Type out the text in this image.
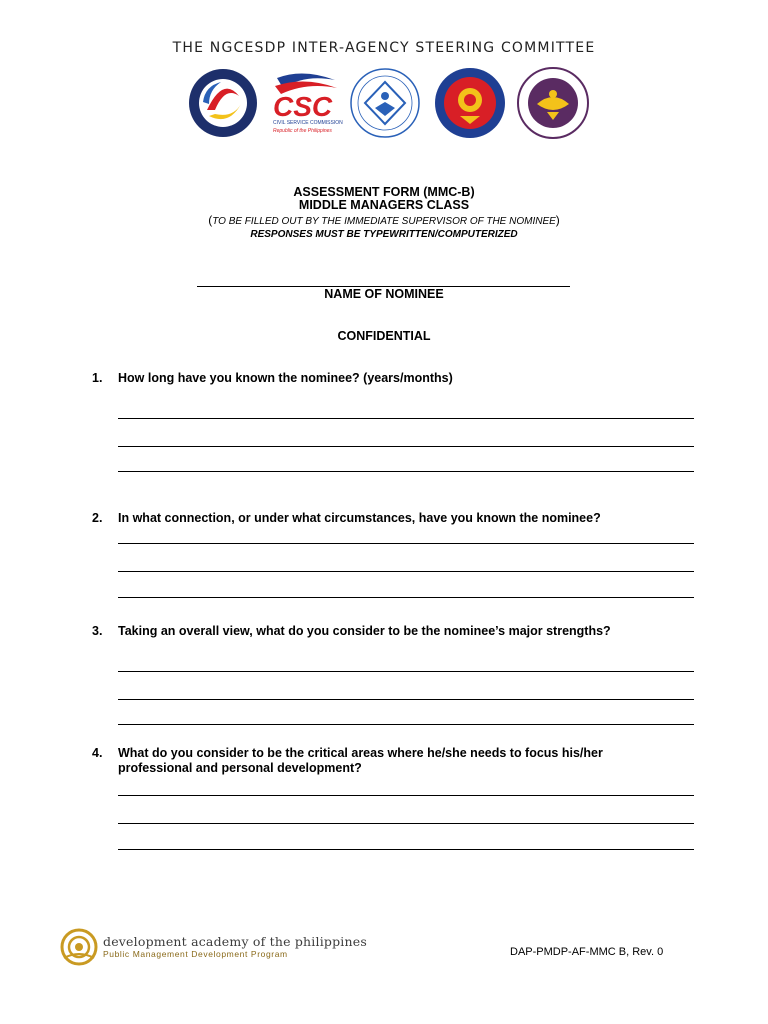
THE NGCESDP INTER-AGENCY STEERING COMMITTEE
CSC
CIVIL SERVICE COMMISSION
Republic of the Philippines
ASSESSMENT FORM (MMC-B)
MIDDLE MANAGERS CLASS
(TO BE FILLED OUT BY THE IMMEDIATE SUPERVISOR OF THE NOMINEE)
RESPONSES MUST BE TYPEWRITTEN/COMPUTERIZED
NAME OF NOMINEE
CONFIDENTIAL
1. How long have you known the nominee? (years/months)
2. In what connection, or under what circumstances, have you known the nominee?
3. Taking an overall view, what do you consider to be the nominee’s major strengths?
4. What do you consider to be the critical areas where he/she needs to focus his/her professional and personal development?
development academy of the philippines
Public Management Development Program	DAP-PMDP-AF-MMC B, Rev. 0
